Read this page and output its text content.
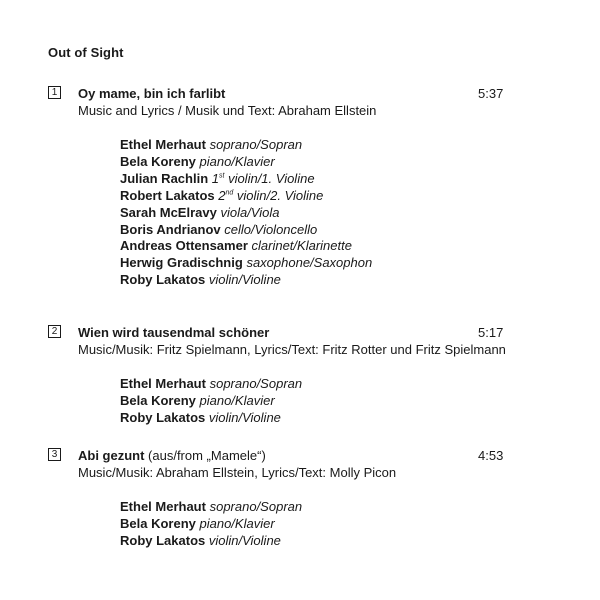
Out of Sight
1 Oy mame, bin ich farlibt	5:37
Music and Lyrics / Musik und Text: Abraham Ellstein
Ethel Merhaut soprano/Sopran
Bela Koreny piano/Klavier
Julian Rachlin 1st violin/1. Violine
Robert Lakatos 2nd violin/2. Violine
Sarah McElravy viola/Viola
Boris Andrianov cello/Violoncello
Andreas Ottensamer clarinet/Klarinette
Herwig Gradischnig saxophone/Saxophon
Roby Lakatos violin/Violine
2 Wien wird tausendmal schöner	5:17
Music/Musik: Fritz Spielmann, Lyrics/Text: Fritz Rotter und Fritz Spielmann
Ethel Merhaut soprano/Sopran
Bela Koreny piano/Klavier
Roby Lakatos violin/Violine
3 Abi gezunt (aus/from „Mamele“)	4:53
Music/Musik: Abraham Ellstein, Lyrics/Text: Molly Picon
Ethel Merhaut soprano/Sopran
Bela Koreny piano/Klavier
Roby Lakatos violin/Violine
